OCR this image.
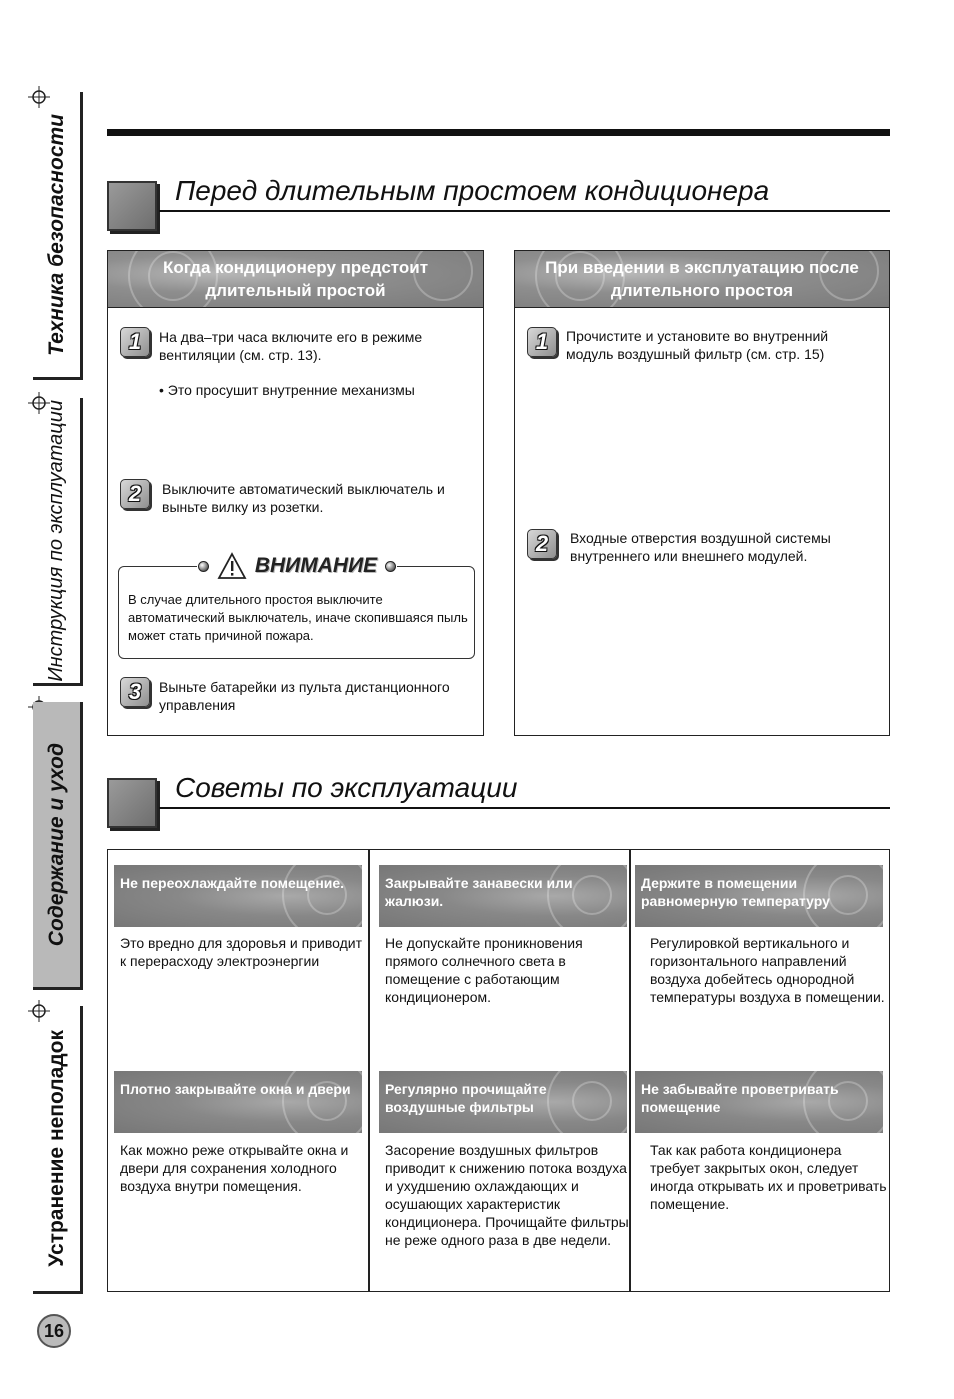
Техника безопасности
Инструкция по эксплуатации
Содержание и уход
Устранение неполадок
16
Перед длительным простоем кондиционера
Когда кондиционеру предстоит длительный простой
1	На два–три часа включите его в режиме вентиляции (см. стр. 13).
• Это просушит внутренние механизмы
2	Выключите автоматический выключатель и выньте вилку из розетки.
ВНИМАНИЕ
В случае длительного простоя выключите автоматический выключатель, иначе скопившаяся пыль может стать причиной пожара.
3	Выньте батарейки из пульта дистанционного управления
При введении в эксплуатацию после длительного простоя
1	Прочистите и установите во внутренний модуль воздушный фильтр (см. стр. 15)
2	Входные отверстия воздушной системы внутреннего или внешнего модулей.
Советы по эксплуатации
Не переохлаждайте помещение.
Это вредно для здоровья и приводит к перерасходу электроэнергии
Закрывайте занавески или жалюзи.
Не допускайте проникновения прямого солнечного света в помещение с работающим кондиционером.
Держите в помещении равномерную температуру
Регулировкой вертикального и горизонтального направлений воздуха добейтесь однородной температуры воздуха в помещении.
Плотно закрывайте окна и двери
Как можно реже открывайте окна и двери для сохранения холодного воздуха внутри помещения.
Регулярно прочищайте воздушные фильтры
Засорение воздушных фильтров приводит к снижению потока воздуха и ухудшению охлаждающих и осушающих характеристик кондиционера. Прочищайте фильтры не реже одного раза в две недели.
Не забывайте проветривать помещение
Так как работа кондиционера требует закрытых окон, следует иногда открывать их и проветривать помещение.
